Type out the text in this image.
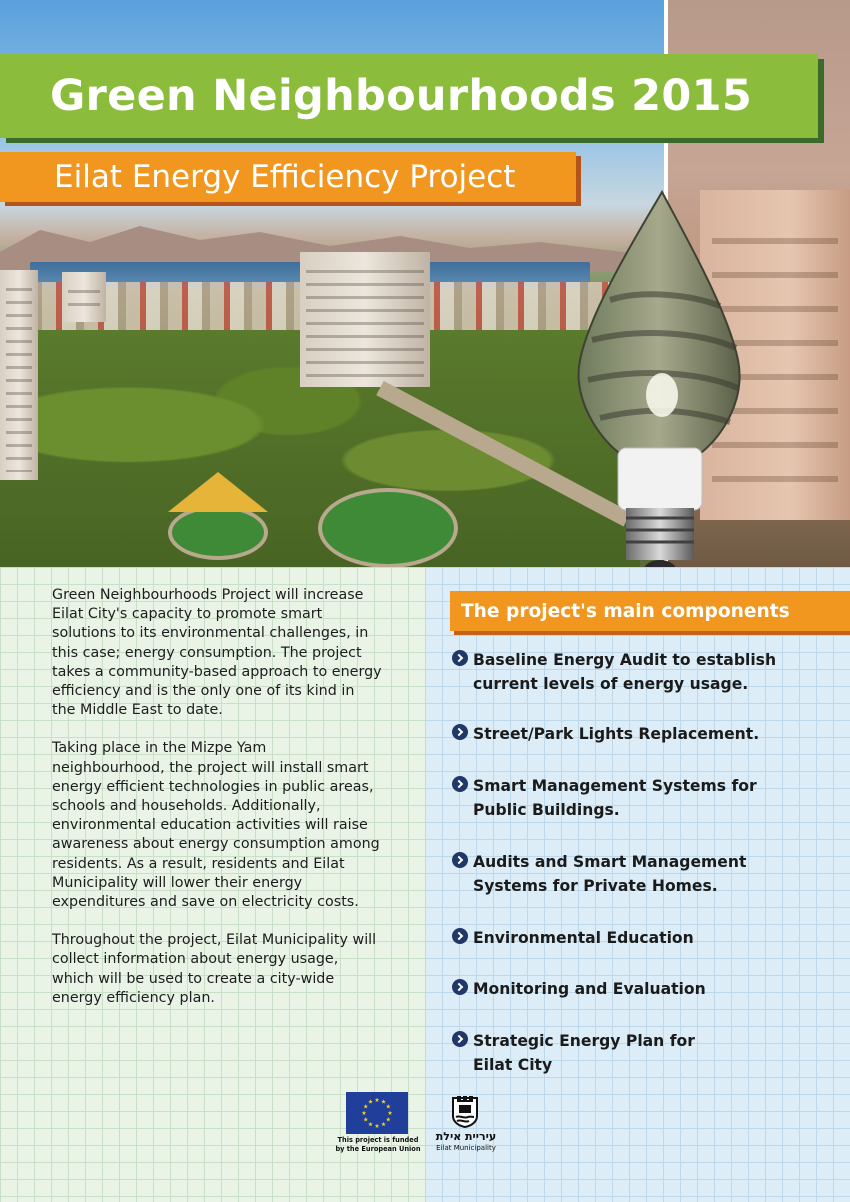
Green Neighbourhoods 2015
Eilat Energy Efficiency Project

Green Neighbourhoods Project will increase Eilat City's capacity to promote smart solutions to its environmental challenges, in this case; energy consumption. The project takes a community-based approach to energy efficiency and is the only one of its kind in the Middle East to date.

Taking place in the Mizpe Yam neighbourhood, the project will install smart energy efficient technologies in public areas, schools and households. Additionally, environmental education activities will raise awareness about energy consumption among residents. As a result, residents and Eilat Municipality will lower their energy expenditures and save on electricity costs.

Throughout the project, Eilat Municipality will collect information about energy usage, which will be used to create a city-wide energy efficiency plan.

The project's main components
Baseline Energy Audit to establish current levels of energy usage.
Street/Park Lights Replacement.
Smart Management Systems for Public Buildings.
Audits and Smart Management Systems for Private Homes.
Environmental Education
Monitoring and Evaluation
Strategic Energy Plan for Eilat City
This project is funded by the European Union
עיריית אילת
Eilat Municipality
